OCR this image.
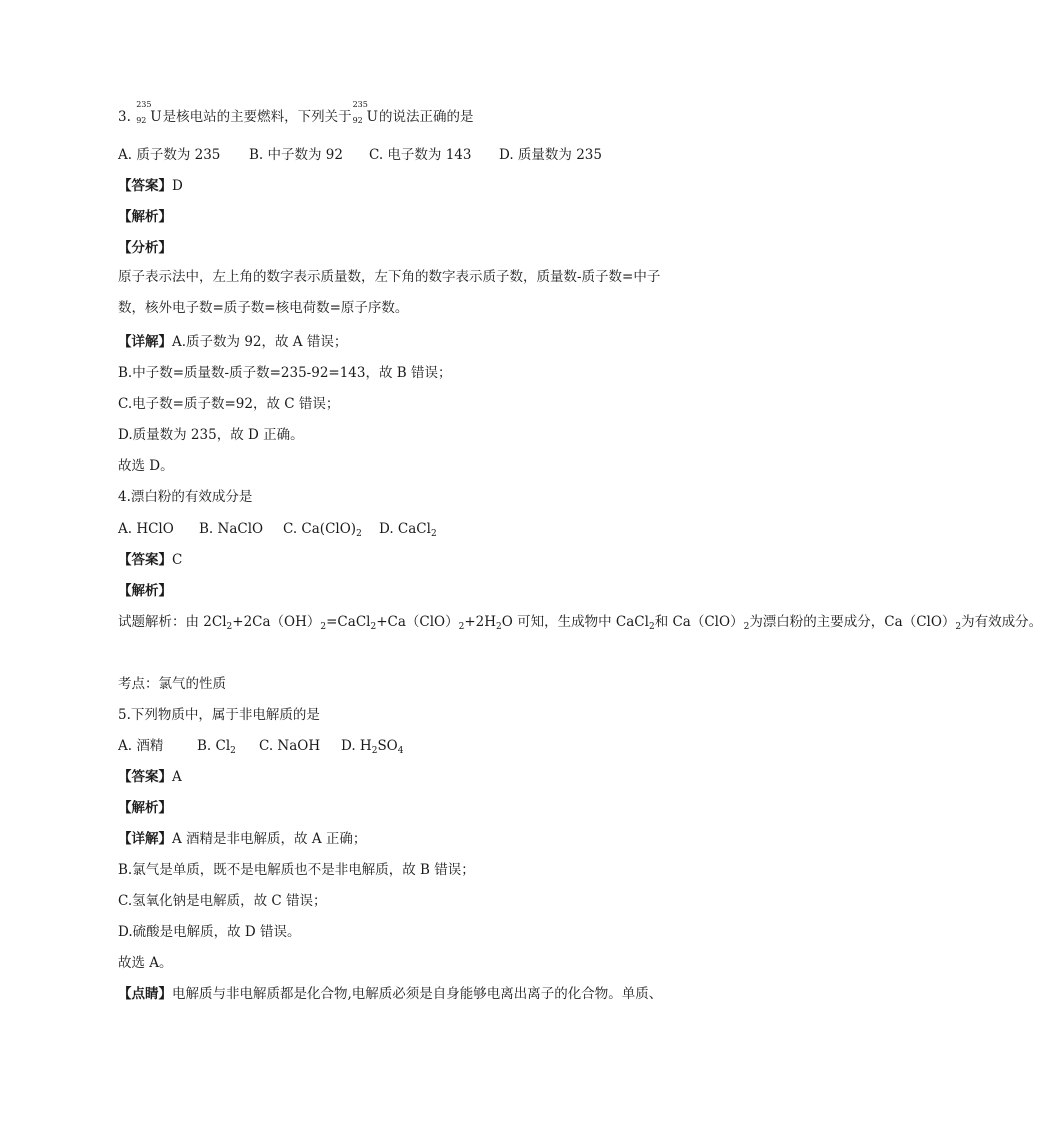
3.
235
92 U是核电站的主要燃料，下列关于
235
92 U的说法正确的是
A. 质子数为 235 B. 中子数为 92 C. 电子数为 143 D. 质量数为 235
【答案】D
【解析】
【分析】
原子表示法中，左上角的数字表示质量数，左下角的数字表示质子数，质量数-质子数=中子数，核外电子数=质子数=核电荷数=原子序数。
【详解】A.质子数为 92，故 A 错误；
B.中子数=质量数-质子数=235-92=143，故 B 错误；
C.电子数=质子数=92，故 C 错误；
D.质量数为 235，故 D 正确。
故选 D。
4.漂白粉的有效成分是
A. HClO B. NaClO C. $Ca(ClO)_2$ D. CaCl$_2$
【答案】C
【解析】
试题解析：由 $2Cl_2+2Ca(OH)_2=CaCl_2+Ca(ClO)_2+2H_2O$ 可知，生成物中 CaCl$_2$和 $Ca(ClO)_2$为漂白粉的主要成分，$Ca(ClO)_2$为有效成分。
考点：氯气的性质
5.下列物质中，属于非电解质的是
A. 酒精 B. $Cl_2$ C. NaOH D. $H_2SO_4$
【答案】A
【解析】
【详解】A 酒精是非电解质，故 A 正确；
B.氯气是单质，既不是电解质也不是非电解质，故 B 错误；
C.氢氧化钠是电解质，故 C 错误；
D.硫酸是电解质，故 D 错误。
故选 A。
【点睛】电解质与非电解质都是化合物,电解质必须是自身能够电离出离子的化合物。单质、
